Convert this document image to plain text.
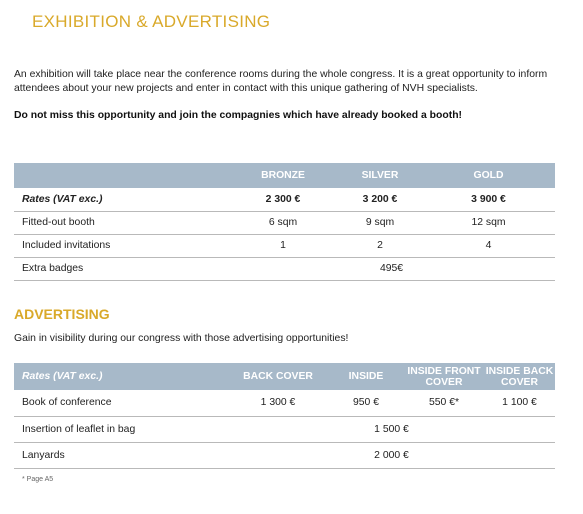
EXHIBITION & ADVERTISING

An exhibition will take place near the conference rooms during the whole congress. It is a great opportunity to inform attendees about your new projects and enter in contact with this unique gathering of NVH specialists.

Do not miss this opportunity and join the compagnies which have already booked a booth!

	BRONZE	SILVER	GOLD
Rates (VAT exc.)	2 300 €	3 200 €	3 900 €
Fitted-out booth	6 sqm	9 sqm	12 sqm
Included invitations	1	2	4
Extra badges	495€		
ADVERTISING

Gain in visibility during our congress with those advertising opportunities!

Rates (VAT exc.)	BACK COVER	INSIDE	INSIDE FRONT COVER	INSIDE BACK COVER
Book of conference	1 300 €	950 €	550 €*	1 100 €
Insertion of leaflet in bag	1 500 €			
Lanyards	2 000 €			
* Page A5
